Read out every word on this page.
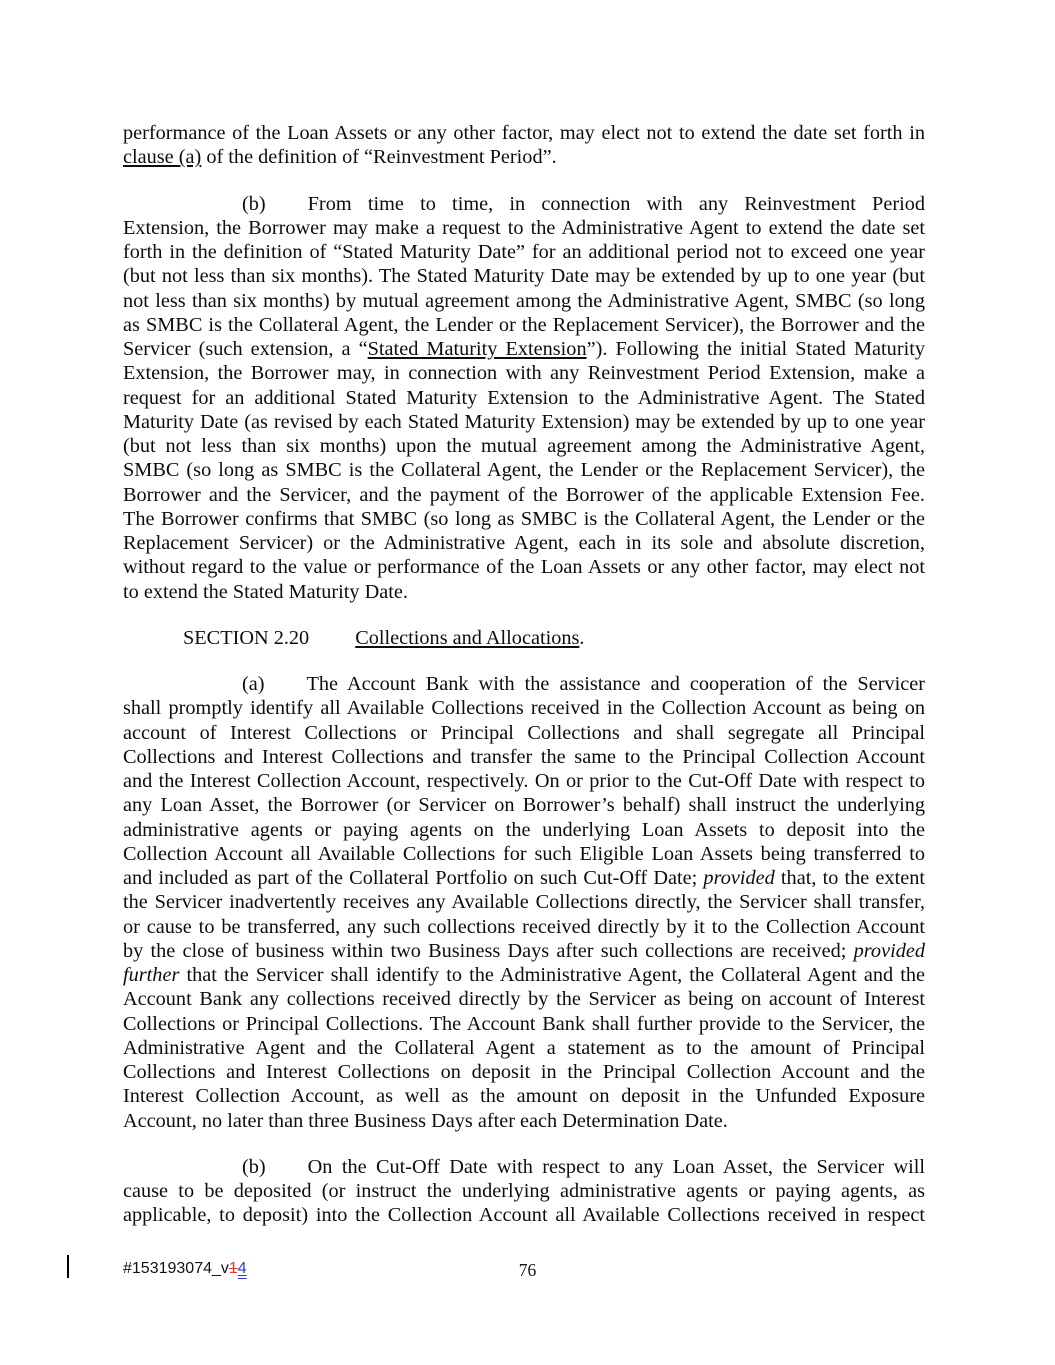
performance of the Loan Assets or any other factor, may elect not to extend the date set forth in
clause (a) of the definition of “Reinvestment Period”.
(b) From time to time, in connection with any Reinvestment Period
Extension, the Borrower may make a request to the Administrative Agent to extend the date set
forth in the definition of “Stated Maturity Date” for an additional period not to exceed one year
(but not less than six months). The Stated Maturity Date may be extended by up to one year (but
not less than six months) by mutual agreement among the Administrative Agent, SMBC (so long
as SMBC is the Collateral Agent, the Lender or the Replacement Servicer), the Borrower and the
Servicer (such extension, a “Stated Maturity Extension”). Following the initial Stated Maturity
Extension, the Borrower may, in connection with any Reinvestment Period Extension, make a
request for an additional Stated Maturity Extension to the Administrative Agent. The Stated
Maturity Date (as revised by each Stated Maturity Extension) may be extended by up to one year
(but not less than six months) upon the mutual agreement among the Administrative Agent,
SMBC (so long as SMBC is the Collateral Agent, the Lender or the Replacement Servicer), the
Borrower and the Servicer, and the payment of the Borrower of the applicable Extension Fee.
The Borrower confirms that SMBC (so long as SMBC is the Collateral Agent, the Lender or the
Replacement Servicer) or the Administrative Agent, each in its sole and absolute discretion,
without regard to the value or performance of the Loan Assets or any other factor, may elect not
to extend the Stated Maturity Date.
SECTION 2.20 Collections and Allocations.
(a) The Account Bank with the assistance and cooperation of the Servicer
shall promptly identify all Available Collections received in the Collection Account as being on
account of Interest Collections or Principal Collections and shall segregate all Principal
Collections and Interest Collections and transfer the same to the Principal Collection Account
and the Interest Collection Account, respectively. On or prior to the Cut-Off Date with respect to
any Loan Asset, the Borrower (or Servicer on Borrower’s behalf) shall instruct the underlying
administrative agents or paying agents on the underlying Loan Assets to deposit into the
Collection Account all Available Collections for such Eligible Loan Assets being transferred to
and included as part of the Collateral Portfolio on such Cut-Off Date; provided that, to the extent
the Servicer inadvertently receives any Available Collections directly, the Servicer shall transfer,
or cause to be transferred, any such collections received directly by it to the Collection Account
by the close of business within two Business Days after such collections are received; provided
further that the Servicer shall identify to the Administrative Agent, the Collateral Agent and the
Account Bank any collections received directly by the Servicer as being on account of Interest
Collections or Principal Collections. The Account Bank shall further provide to the Servicer, the
Administrative Agent and the Collateral Agent a statement as to the amount of Principal
Collections and Interest Collections on deposit in the Principal Collection Account and the
Interest Collection Account, as well as the amount on deposit in the Unfunded Exposure
Account, no later than three Business Days after each Determination Date.
(b) On the Cut-Off Date with respect to any Loan Asset, the Servicer will
cause to be deposited (or instruct the underlying administrative agents or paying agents, as
applicable, to deposit) into the Collection Account all Available Collections received in respect
#153193074_v14	76
